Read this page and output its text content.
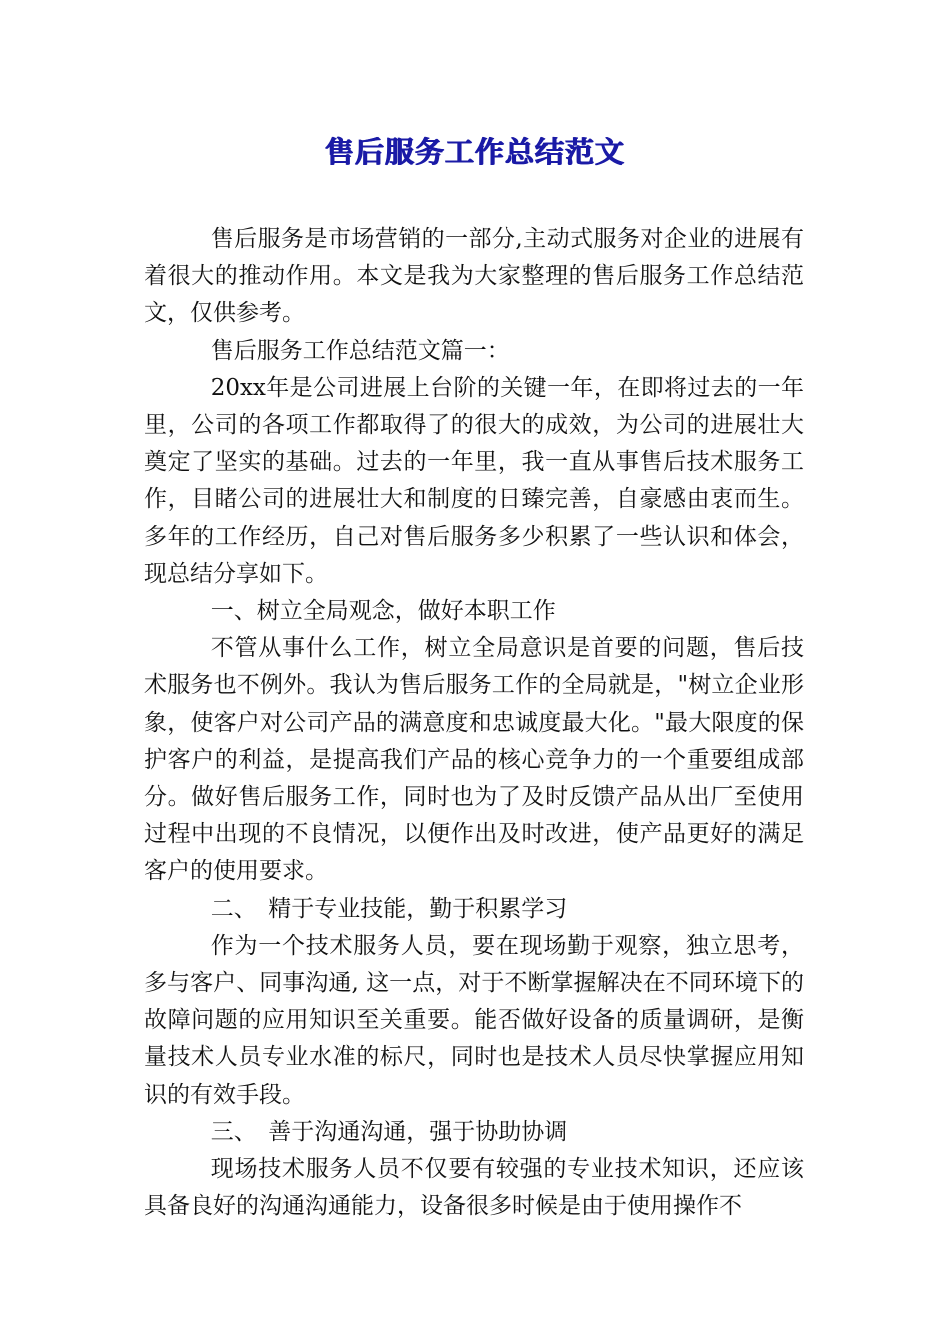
售后服务工作总结范文

售后服务是市场营销的一部分,主动式服务对企业的进展有着很大的推动作用。本文是我为大家整理的售后服务工作总结范文，仅供参考。

售后服务工作总结范文篇一：

20xx年是公司进展上台阶的关键一年，在即将过去的一年里，公司的各项工作都取得了的很大的成效，为公司的进展壮大奠定了坚实的基础。过去的一年里，我一直从事售后技术服务工作，目睹公司的进展壮大和制度的日臻完善，自豪感由衷而生。多年的工作经历，自己对售后服务多少积累了一些认识和体会，现总结分享如下。

一、树立全局观念，做好本职工作

不管从事什么工作，树立全局意识是首要的问题，售后技术服务也不例外。我认为售后服务工作的全局就是，"树立企业形象，使客户对公司产品的满意度和忠诚度最大化。"最大限度的保护客户的利益，是提高我们产品的核心竞争力的一个重要组成部分。做好售后服务工作，同时也为了及时反馈产品从出厂至使用过程中出现的不良情况，以便作出及时改进，使产品更好的满足客户的使用要求。

二、　精于专业技能，勤于积累学习

作为一个技术服务人员，要在现场勤于观察，独立思考，多与客户、同事沟通, 这一点，对于不断掌握解决在不同环境下的故障问题的应用知识至关重要。能否做好设备的质量调研，是衡量技术人员专业水准的标尺，同时也是技术人员尽快掌握应用知识的有效手段。

三、　善于沟通沟通，强于协助协调

现场技术服务人员不仅要有较强的专业技术知识，还应该具备良好的沟通沟通能力，设备很多时候是由于使用操作不
